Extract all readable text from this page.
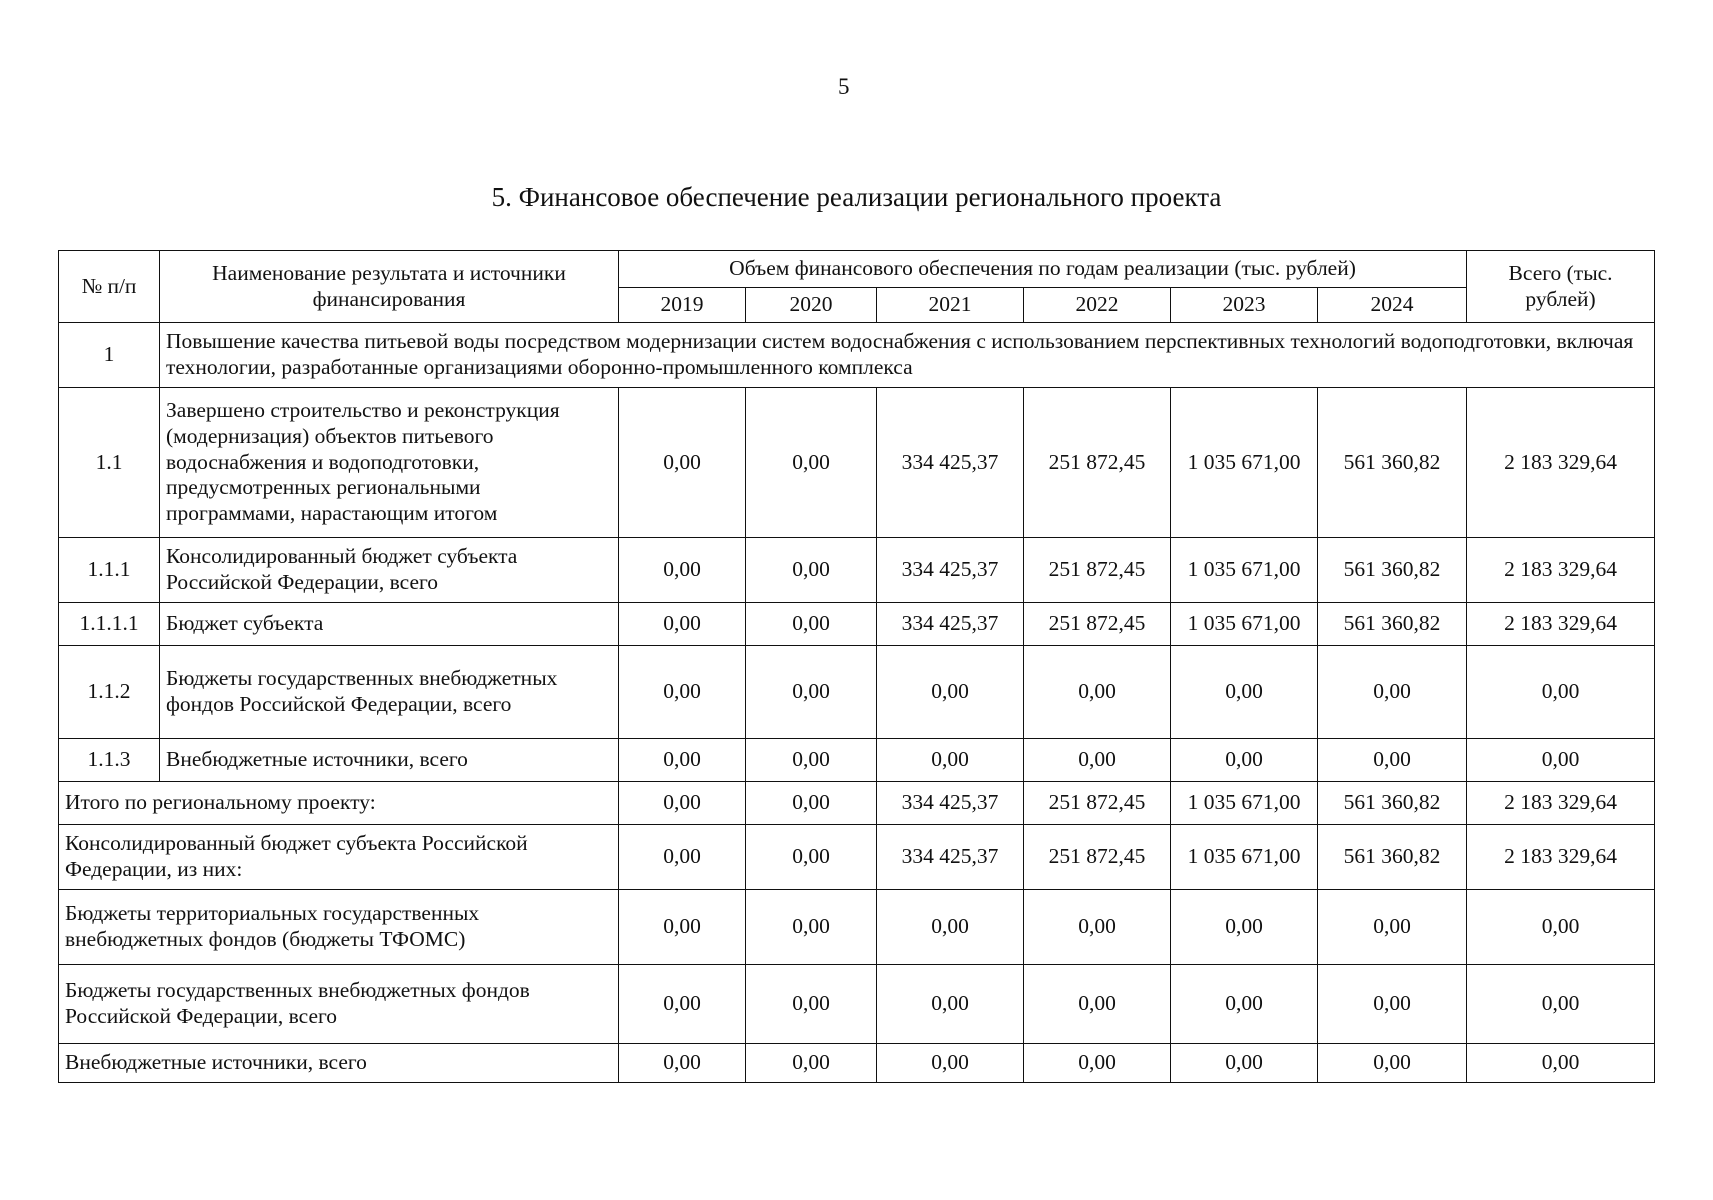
5
5. Финансовое обеспечение реализации регионального проекта
№ п/п	Наименование результата и источники финансирования	Объем финансового обеспечения по годам реализации (тыс. рублей)						Всего (тыс. рублей)
		2019	2020	2021	2022	2023	2024	
1	Повышение качества питьевой воды посредством модернизации систем водоснабжения с использованием перспективных технологий водоподготовки, включая технологии, разработанные организациями оборонно-промышленного комплекса							
1.1	Завершено строительство и реконструкция (модернизация) объектов питьевого водоснабжения и водоподготовки, предусмотренных региональными программами, нарастающим итогом	0,00	0,00	334 425,37	251 872,45	1 035 671,00	561 360,82	2 183 329,64
1.1.1	Консолидированный бюджет субъекта Российской Федерации, всего	0,00	0,00	334 425,37	251 872,45	1 035 671,00	561 360,82	2 183 329,64
1.1.1.1	Бюджет субъекта	0,00	0,00	334 425,37	251 872,45	1 035 671,00	561 360,82	2 183 329,64
1.1.2	Бюджеты государственных внебюджетных фондов Российской Федерации, всего	0,00	0,00	0,00	0,00	0,00	0,00	0,00
1.1.3	Внебюджетные источники, всего	0,00	0,00	0,00	0,00	0,00	0,00	0,00
Итого по региональному проекту:		0,00	0,00	334 425,37	251 872,45	1 035 671,00	561 360,82	2 183 329,64
Консолидированный бюджет субъекта Российской Федерации, из них:		0,00	0,00	334 425,37	251 872,45	1 035 671,00	561 360,82	2 183 329,64
Бюджеты территориальных государственных внебюджетных фондов (бюджеты ТФОМС)		0,00	0,00	0,00	0,00	0,00	0,00	0,00
Бюджеты государственных внебюджетных фондов Российской Федерации, всего		0,00	0,00	0,00	0,00	0,00	0,00	0,00
Внебюджетные источники, всего		0,00	0,00	0,00	0,00	0,00	0,00	0,00
